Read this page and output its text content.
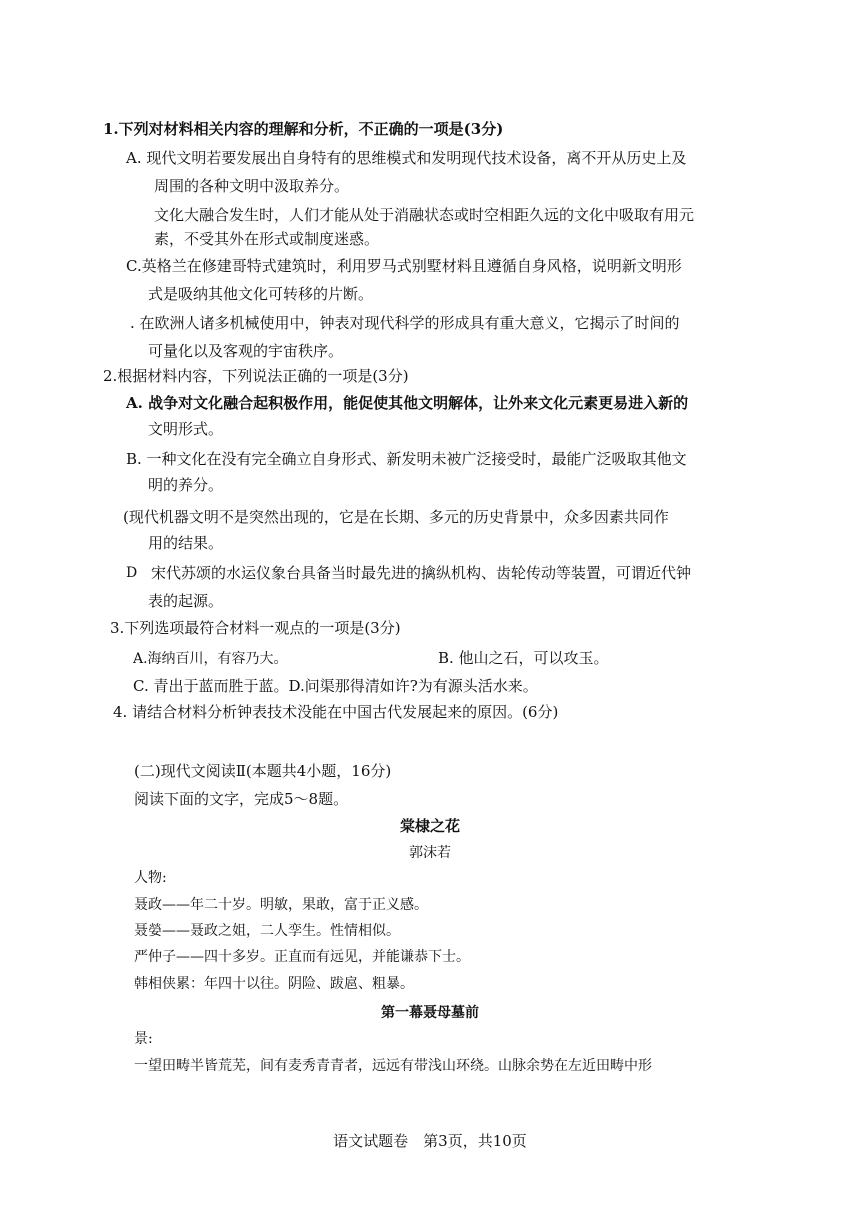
1.下列对材料相关内容的理解和分析，不正确的一项是(3分)
A. 现代文明若要发展出自身特有的思维模式和发明现代技术设备，离不开从历史上及
周围的各种文明中汲取养分。
文化大融合发生时，人们才能从处于消融状态或时空相距久远的文化中吸取有用元
素，不受其外在形式或制度迷惑。
C.英格兰在修建哥特式建筑时，利用罗马式别墅材料且遵循自身风格，说明新文明形
式是吸纳其他文化可转移的片断。
. 在欧洲人诸多机械使用中，钟表对现代科学的形成具有重大意义，它揭示了时间的
可量化以及客观的宇宙秩序。
2.根据材料内容，下列说法正确的一项是(3分)
A. 战争对文化融合起积极作用，能促使其他文明解体，让外来文化元素更易进入新的
文明形式。
B. 一种文化在没有完全确立自身形式、新发明未被广泛接受时，最能广泛吸取其他文
明的养分。
(现代机器文明不是突然出现的，它是在长期、多元的历史背景中，众多因素共同作
用的结果。
D 宋代苏颂的水运仪象台具备当时最先进的擒纵机构、齿轮传动等装置，可谓近代钟
表的起源。
3.下列选项最符合材料一观点的一项是(3分)
A.海纳百川，有容乃大。	B. 他山之石，可以攻玉。
C. 青出于蓝而胜于蓝。D.问渠那得清如许?为有源头活水来。
4. 请结合材料分析钟表技术没能在中国古代发展起来的原因。(6分)
(二)现代文阅读Ⅱ(本题共4小题，16分)
阅读下面的文字，完成5～8题。
棠棣之花
郭沫若
人物:
聂政——年二十岁。明敏，果敢，富于正义感。
聂嫈——聂政之姐，二人孪生。性情相似。
严仲子——四十多岁。正直而有远见，并能谦恭下士。
韩相侠累：年四十以往。阴险、跋扈、粗暴。
第一幕聂母墓前
景:
一望田畴半皆荒芜，间有麦秀青青者，远远有带浅山环绕。山脉余势在左近田畴中形
语文试题卷　第3页，共10页
